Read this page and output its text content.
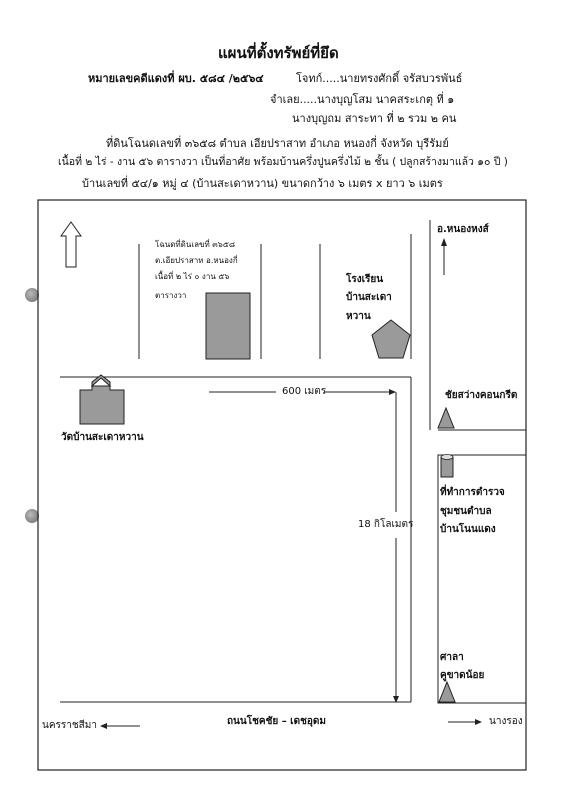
แผนที่ตั้งทรัพย์ที่ยึด
หมายเลขคดีแดงที่ ผบ. ๕๘๔ /๒๕๖๔	โจทก์.....นายทรงศักดิ์ จรัสบวรพันธ์
จำเลย.....นางบุญโสม นาคสระเกตุ ที่ ๑
นางบุญถม สาระทา ที่ ๒ รวม ๒ คน
ที่ดินโฉนดเลขที่ ๓๖๕๘ ตำบล เอียปราสาท อำเภอ หนองกี่ จังหวัด บุรีรัมย์
เนื้อที่ ๒ ไร่ - งาน ๕๖ ตารางวา เป็นที่อาศัย พร้อมบ้านครึ่งปูนครึ่งไม้ ๒ ชั้น ( ปลูกสร้างมาแล้ว ๑๐ ปี )
บ้านเลขที่ ๕๔/๑ หมู่ ๔ (บ้านสะเดาหวาน) ขนาดกว้าง ๖ เมตร x ยาว ๖ เมตร
โฉนดที่ดินเลขที่ ๓๖๕๘
ต.เอียปราสาท อ.หนองกี่
เนื้อที่ ๒ ไร่ ๐ งาน ๕๖
ตารางวา
โรงเรียน
บ้านสะเดา
หวาน
อ.หนองหงส์
600 เมตร
วัดบ้านสะเดาหวาน
ชัยสว่างคอนกรีต
18 กิโลเมตร
ที่ทำการตำรวจ
ชุมชนตำบล
บ้านโนนแดง
ศาลา
คูขาดน้อย
ถนนโชคชัย – เดชอุดม
นครราชสีมา	นางรอง
